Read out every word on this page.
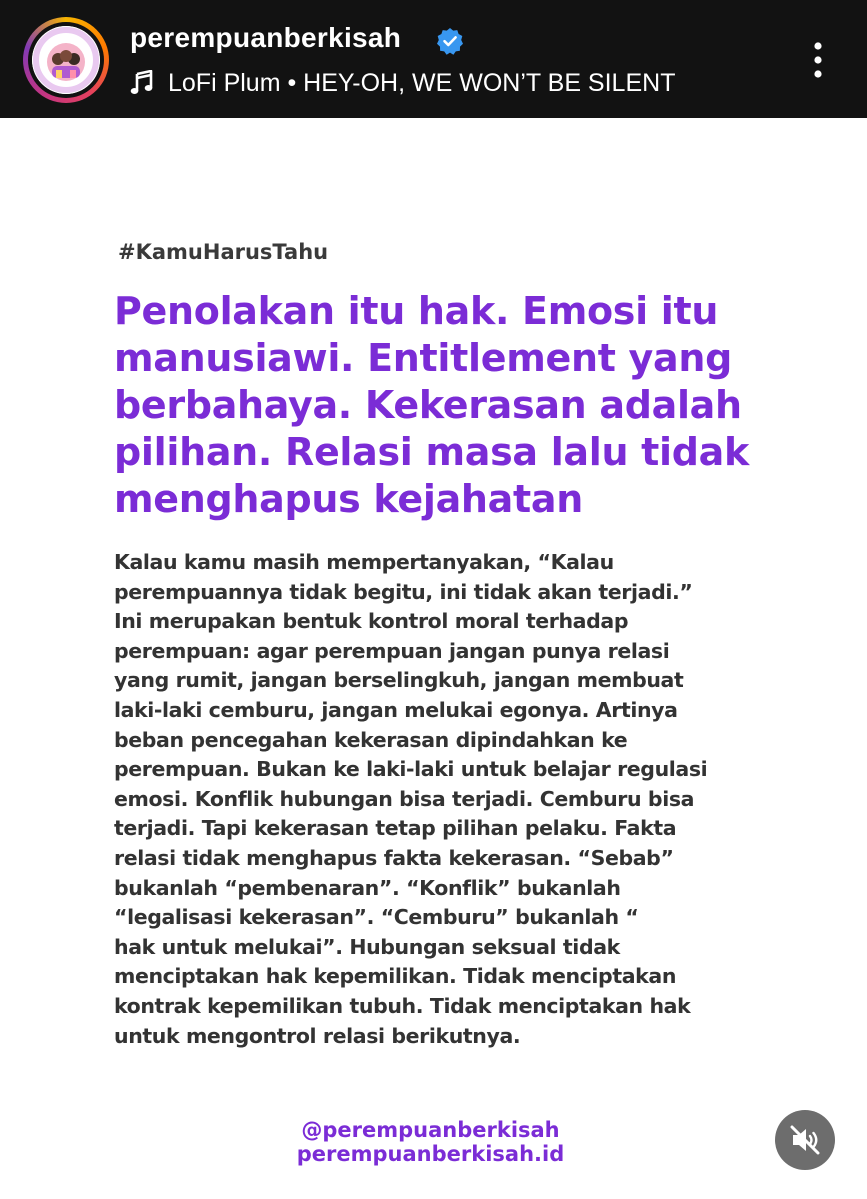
perempuanberkisah
LoFi Plum • HEY-OH, WE WON’T BE SILENT
#KamuHarusTahu
Penolakan itu hak. Emosi itu manusiawi. Entitlement yang berbahaya. Kekerasan adalah pilihan. Relasi masa lalu tidak menghapus kejahatan
Kalau kamu masih mempertanyakan, “Kalau
perempuannya tidak begitu, ini tidak akan terjadi.”
Ini merupakan bentuk kontrol moral terhadap
perempuan: agar perempuan jangan punya relasi
yang rumit, jangan berselingkuh, jangan membuat
laki-laki cemburu, jangan melukai egonya. Artinya
beban pencegahan kekerasan dipindahkan ke
perempuan. Bukan ke laki-laki untuk belajar regulasi
emosi. Konflik hubungan bisa terjadi. Cemburu bisa
terjadi. Tapi kekerasan tetap pilihan pelaku. Fakta
relasi tidak menghapus fakta kekerasan. “Sebab”
bukanlah “pembenaran”. “Konflik” bukanlah
“legalisasi kekerasan”. “Cemburu” bukanlah “
hak untuk melukai”. Hubungan seksual tidak
menciptakan hak kepemilikan. Tidak menciptakan
kontrak kepemilikan tubuh. Tidak menciptakan hak
untuk mengontrol relasi berikutnya.
@perempuanberkisah
perempuanberkisah.id
